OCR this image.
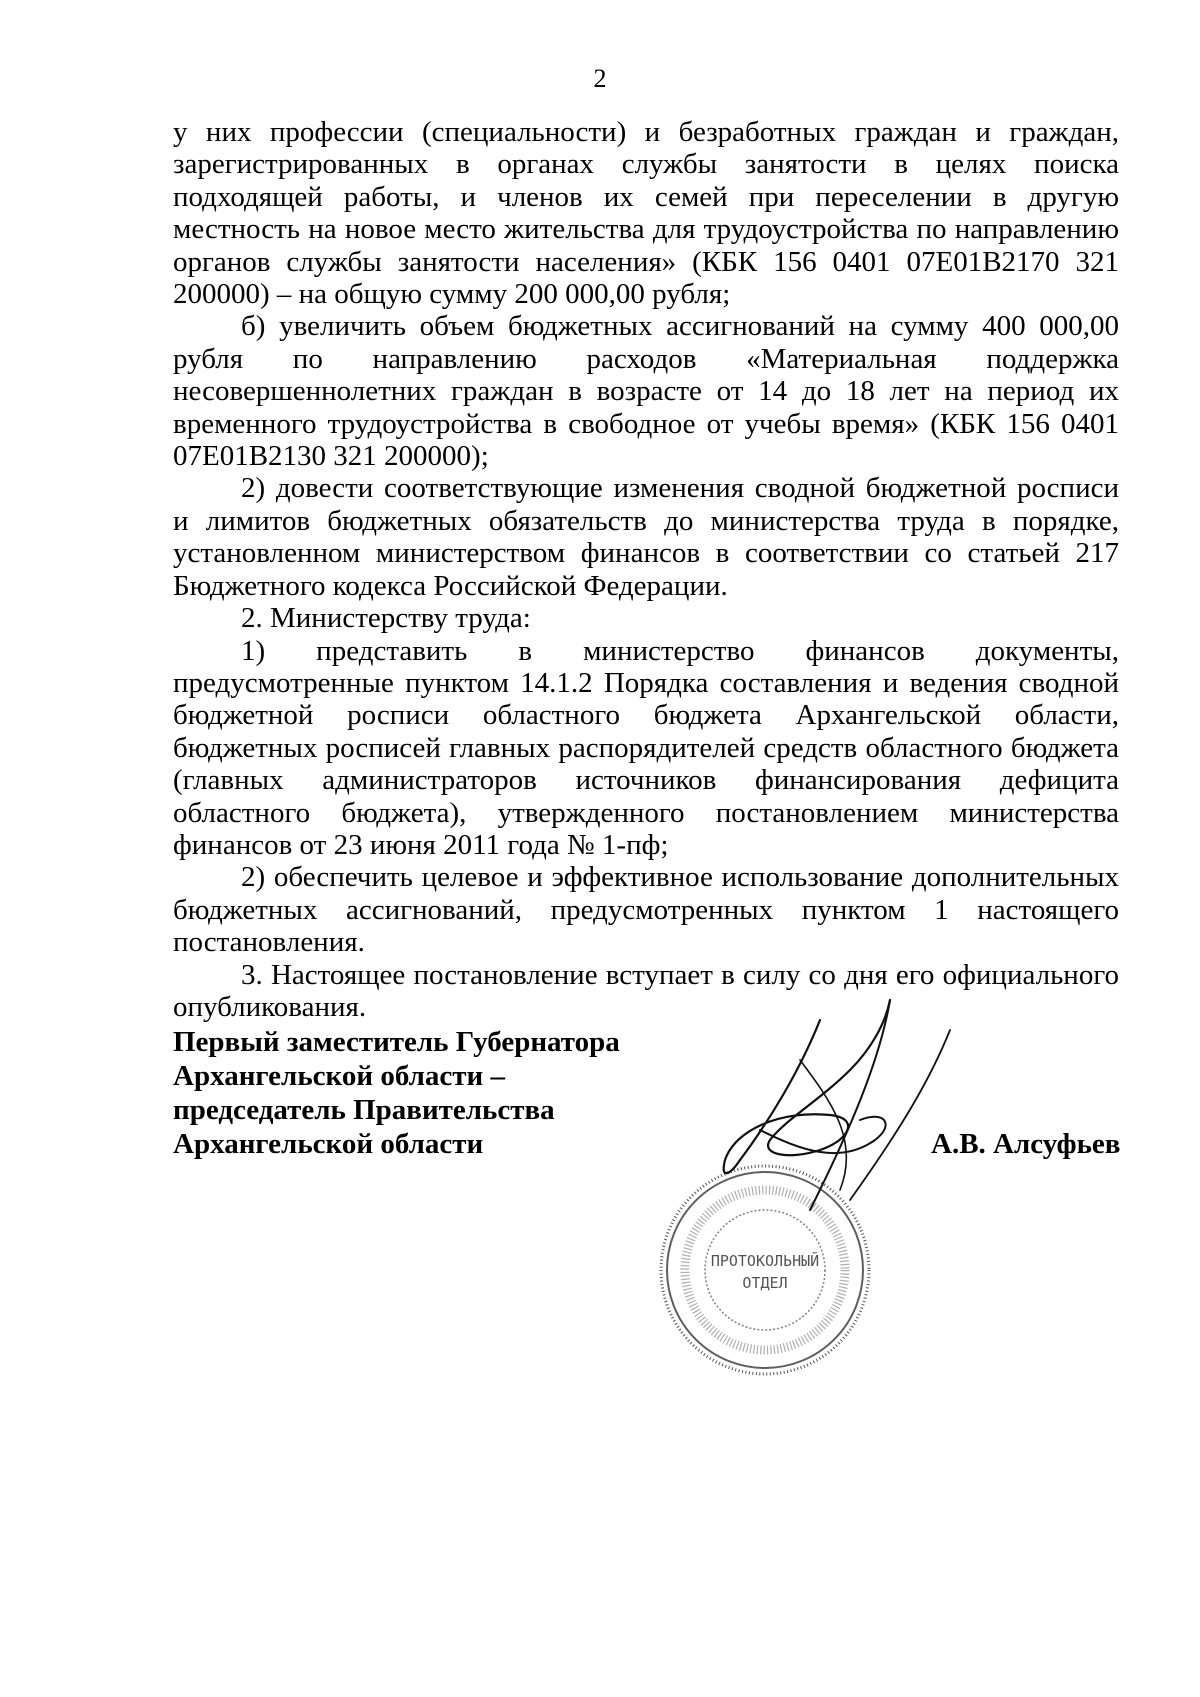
2

у них профессии (специальности) и безработных граждан и граждан, зарегистрированных в органах службы занятости в целях поиска подходящей работы, и членов их семей при переселении в другую местность на новое место жительства для трудоустройства по направлению органов службы занятости населения» (КБК 156 0401 07Е01В2170 321 200000) – на общую сумму 200 000,00 рубля;

б) увеличить объем бюджетных ассигнований на сумму 400 000,00 рубля по направлению расходов «Материальная поддержка несовершеннолетних граждан в возрасте от 14 до 18 лет на период их временного трудоустройства в свободное от учебы время» (КБК 156 0401 07Е01В2130 321 200000);

2) довести соответствующие изменения сводной бюджетной росписи и лимитов бюджетных обязательств до министерства труда в порядке, установленном министерством финансов в соответствии со статьей 217 Бюджетного кодекса Российской Федерации.

2. Министерству труда:

1) представить в министерство финансов документы, предусмотренные пунктом 14.1.2 Порядка составления и ведения сводной бюджетной росписи областного бюджета Архангельской области, бюджетных росписей главных распорядителей средств областного бюджета (главных администраторов источников финансирования дефицита областного бюджета), утвержденного постановлением министерства финансов от 23 июня 2011 года № 1-пф;

2) обеспечить целевое и эффективное использование дополнительных бюджетных ассигнований, предусмотренных пунктом 1 настоящего постановления.

3. Настоящее постановление вступает в силу со дня его официального опубликования.

Первый заместитель Губернатора
Архангельской области –
председатель Правительства
Архангельской области	А.В. Алсуфьев
ПРОТОКОЛЬНЫЙ
ОТДЕЛ
